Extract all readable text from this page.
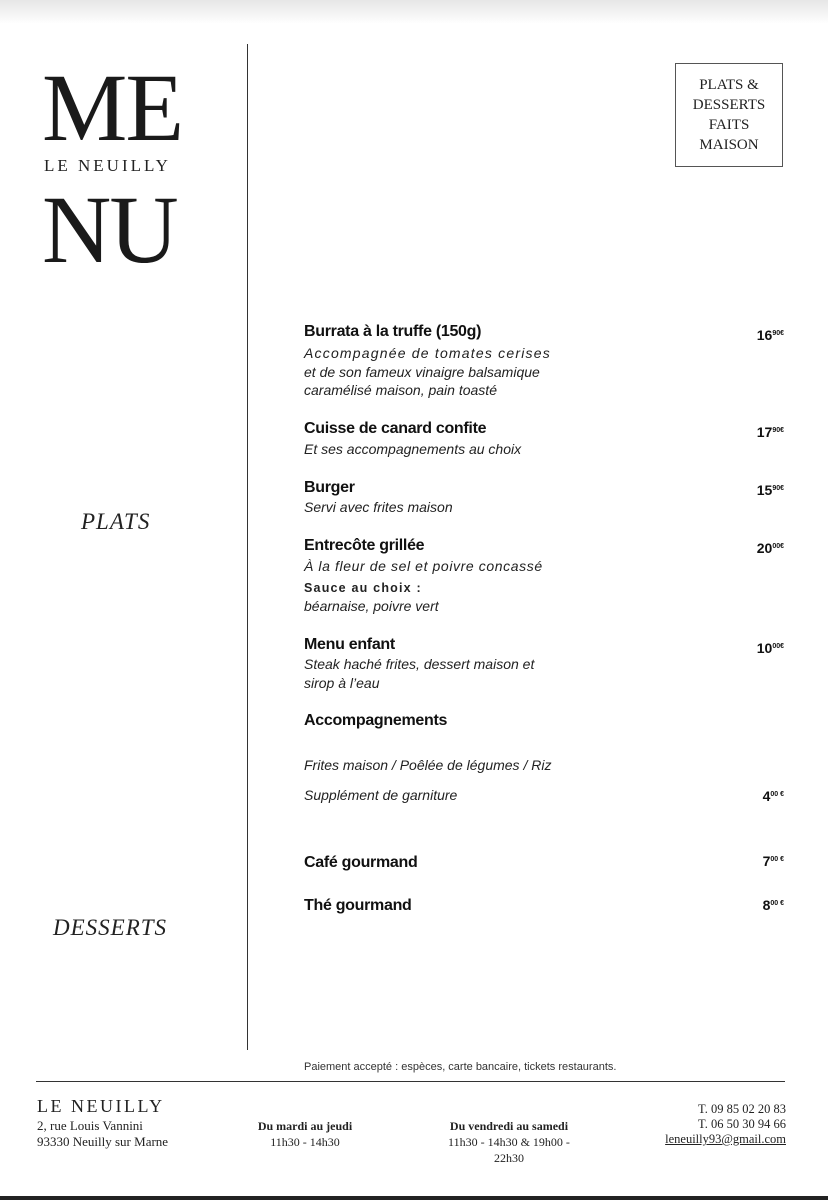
ME
LE NEUILLY
NU
PLATS &
DESSERTS
FAITS
MAISON
PLATS
DESSERTS
Burrata à la truffe (150g)	$16^{90€}$
Accompagnée de tomates cerises
et de son fameux vinaigre balsamique
caramélisé maison, pain toasté
Cuisse de canard confite	$17^{90€}$
Et ses accompagnements au choix
Burger	$15^{90€}$
Servi avec frites maison
Entrecôte grillée	$20^{00€}$
À la fleur de sel et poivre concassé
Sauce au choix :
béarnaise, poivre vert
Menu enfant	$10^{00€}$
Steak haché frites, dessert maison et
sirop à l’eau
Accompagnements
Frites maison / Poêlée de légumes / Riz
Supplément de garniture	$4^{00 €}$
Café gourmand	$7^{00 €}$
Thé gourmand	$8^{00 €}$
Paiement accepté : espèces, carte bancaire, tickets restaurants.
LE NEUILLY
2, rue Louis Vannini
93330 Neuilly sur Marne
Du mardi au jeudi
11h30 - 14h30
Du vendredi au samedi
11h30 - 14h30 & 19h00 -
22h30
T. 09 85 02 20 83
T. 06 50 30 94 66
leneuilly93@gmail.com
